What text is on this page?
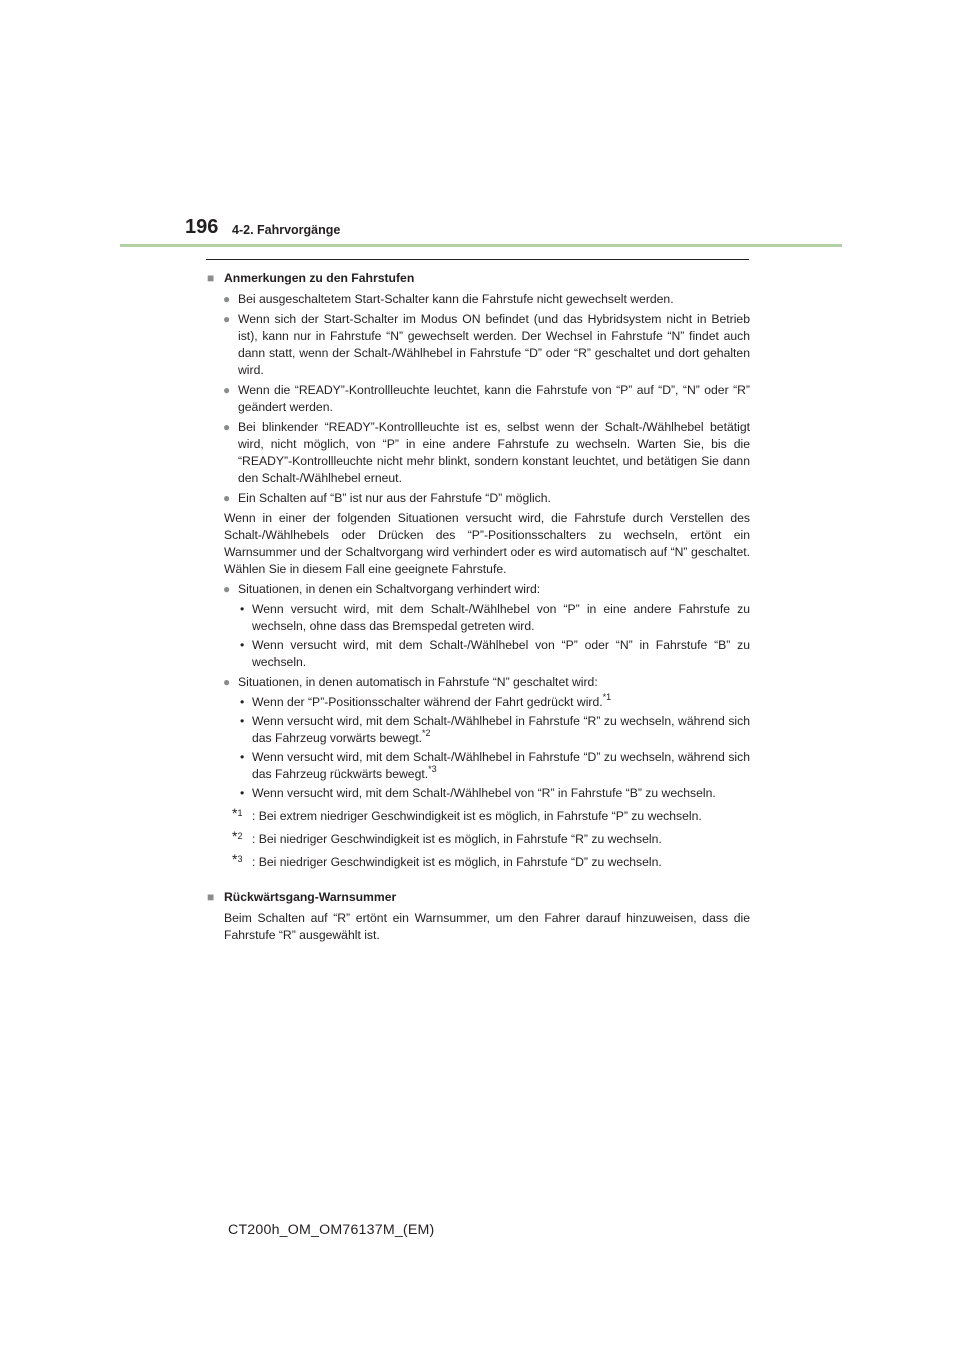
196 4-2. Fahrvorgänge
■ Anmerkungen zu den Fahrstufen
● Bei ausgeschaltetem Start-Schalter kann die Fahrstufe nicht gewechselt werden.
● Wenn sich der Start-Schalter im Modus ON befindet (und das Hybridsystem nicht in Betrieb ist), kann nur in Fahrstufe “N” gewechselt werden. Der Wechsel in Fahrstufe “N” findet auch dann statt, wenn der Schalt-/Wählhebel in Fahrstufe “D” oder “R” geschaltet und dort gehalten wird.
● Wenn die “READY”-Kontrollleuchte leuchtet, kann die Fahrstufe von “P” auf “D”, “N” oder “R” geändert werden.
● Bei blinkender “READY”-Kontrollleuchte ist es, selbst wenn der Schalt-/Wählhebel betätigt wird, nicht möglich, von “P” in eine andere Fahrstufe zu wechseln. Warten Sie, bis die “READY”-Kontrollleuchte nicht mehr blinkt, sondern konstant leuchtet, und betätigen Sie dann den Schalt-/Wählhebel erneut.
● Ein Schalten auf “B” ist nur aus der Fahrstufe “D” möglich.
Wenn in einer der folgenden Situationen versucht wird, die Fahrstufe durch Verstellen des Schalt-/Wählhebels oder Drücken des “P”-Positionsschalters zu wechseln, ertönt ein Warnsummer und der Schaltvorgang wird verhindert oder es wird automatisch auf “N” geschaltet. Wählen Sie in diesem Fall eine geeignete Fahrstufe.
● Situationen, in denen ein Schaltvorgang verhindert wird:
• Wenn versucht wird, mit dem Schalt-/Wählhebel von “P” in eine andere Fahrstufe zu wechseln, ohne dass das Bremspedal getreten wird.
• Wenn versucht wird, mit dem Schalt-/Wählhebel von “P” oder “N” in Fahrstufe “B” zu wechseln.
● Situationen, in denen automatisch in Fahrstufe “N” geschaltet wird:
• Wenn der “P”-Positionsschalter während der Fahrt gedrückt wird.$^{*1}$
• Wenn versucht wird, mit dem Schalt-/Wählhebel in Fahrstufe “R” zu wechseln, während sich das Fahrzeug vorwärts bewegt.$^{*2}$
• Wenn versucht wird, mit dem Schalt-/Wählhebel in Fahrstufe “D” zu wechseln, während sich das Fahrzeug rückwärts bewegt.$^{*3}$
• Wenn versucht wird, mit dem Schalt-/Wählhebel von “R” in Fahrstufe “B” zu wechseln.
*$^1$ : Bei extrem niedriger Geschwindigkeit ist es möglich, in Fahrstufe “P” zu wechseln.
*$^2$ : Bei niedriger Geschwindigkeit ist es möglich, in Fahrstufe “R” zu wechseln.
*$^3$ : Bei niedriger Geschwindigkeit ist es möglich, in Fahrstufe “D” zu wechseln.
■ Rückwärtsgang-Warnsummer
Beim Schalten auf “R” ertönt ein Warnsummer, um den Fahrer darauf hinzuweisen, dass die Fahrstufe “R” ausgewählt ist.
CT200h_OM_OM76137M_(EM)
